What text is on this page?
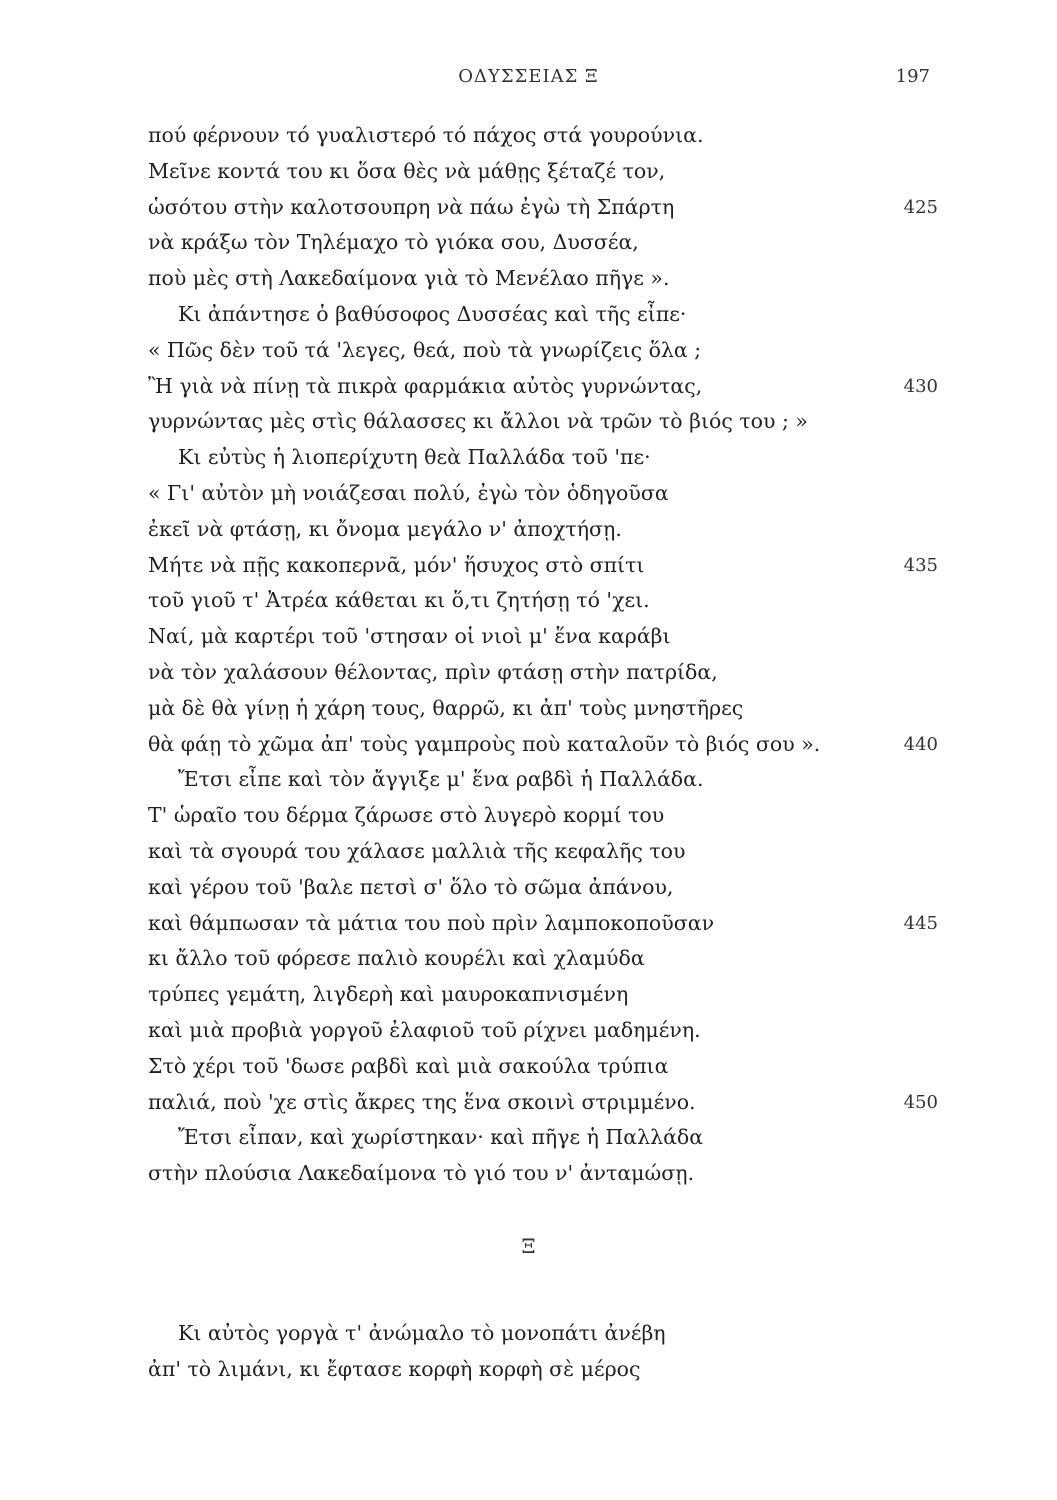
ΟΔΥΣΣΕΙΑΣ Ξ	197
πού φέρνουν τό γυαλιστερό τό πάχος στά γουρούνια.
Μεῖνε κοντά του κι ὅσα θὲς νὰ μάθῃς ξέταζέ τον,
ὡσότου στὴν καλοτσουπρη νὰ πάω ἐγὼ τὴ Σπάρτη	425
νὰ κράξω τὸν Τηλέμαχο τὸ γιόκα σου, Δυσσέα,
ποὺ μὲς στὴ Λακεδαίμονα γιὰ τὸ Μενέλαο πῆγε ».
Κι ἀπάντησε ὁ βαθύσοφος Δυσσέας καὶ τῆς εἶπε·
« Πῶς δὲν τοῦ τά 'λεγες, θεά, ποὺ τὰ γνωρίζεις ὅλα ;
Ἢ γιὰ νὰ πίνῃ τὰ πικρὰ φαρμάκια αὐτὸς γυρνώντας,	430
γυρνώντας μὲς στὶς θάλασσες κι ἄλλοι νὰ τρῶν τὸ βιός του ; »
Κι εὐτὺς ἡ λιοπερίχυτη θεὰ Παλλάδα τοῦ 'πε·
« Γι' αὐτὸν μὴ νοιάζεσαι πολύ, ἐγὼ τὸν ὁδηγοῦσα
ἐκεῖ νὰ φτάσῃ, κι ὄνομα μεγάλο ν' ἀποχτήσῃ.
Μήτε νὰ πῇς κακοπερνᾶ, μόν' ἥσυχος στὸ σπίτι	435
τοῦ γιοῦ τ' Ἀτρέα κάθεται κι ὅ,τι ζητήσῃ τό 'χει.
Ναί, μὰ καρτέρι τοῦ 'στησαν οἱ νιοὶ μ' ἕνα καράβι
νὰ τὸν χαλάσουν θέλοντας, πρὶν φτάσῃ στὴν πατρίδα,
μὰ δὲ θὰ γίνῃ ἡ χάρη τους, θαρρῶ, κι ἀπ' τοὺς μνηστῆρες
θὰ φάῃ τὸ χῶμα ἀπ' τοὺς γαμπροὺς ποὺ καταλοῦν τὸ βιός σου ».	440
Ἔτσι εἶπε καὶ τὸν ἄγγιξε μ' ἕνα ραβδὶ ἡ Παλλάδα.
Τ' ὡραῖο του δέρμα ζάρωσε στὸ λυγερὸ κορμί του
καὶ τὰ σγουρά του χάλασε μαλλιὰ τῆς κεφαλῆς του
καὶ γέρου τοῦ 'βαλε πετσὶ σ' ὅλο τὸ σῶμα ἀπάνου,
καὶ θάμπωσαν τὰ μάτια του ποὺ πρὶν λαμποκοποῦσαν	445
κι ἄλλο τοῦ φόρεσε παλιὸ κουρέλι καὶ χλαμύδα
τρύπες γεμάτη, λιγδερὴ καὶ μαυροκαπνισμένη
καὶ μιὰ προβιὰ γοργοῦ ἐλαφιοῦ τοῦ ρίχνει μαδημένη.
Στὸ χέρι τοῦ 'δωσε ραβδὶ καὶ μιὰ σακούλα τρύπια
παλιά, ποὺ 'χε στὶς ἄκρες της ἕνα σκοινὶ στριμμένο.	450
Ἔτσι εἶπαν, καὶ χωρίστηκαν· καὶ πῆγε ἡ Παλλάδα
στὴν πλούσια Λακεδαίμονα τὸ γιό του ν' ἀνταμώσῃ.
Ξ
Κι αὐτὸς γοργὰ τ' ἀνώμαλο τὸ μονοπάτι ἀνέβη
ἀπ' τὸ λιμάνι, κι ἔφτασε κορφὴ κορφὴ σὲ μέρος
